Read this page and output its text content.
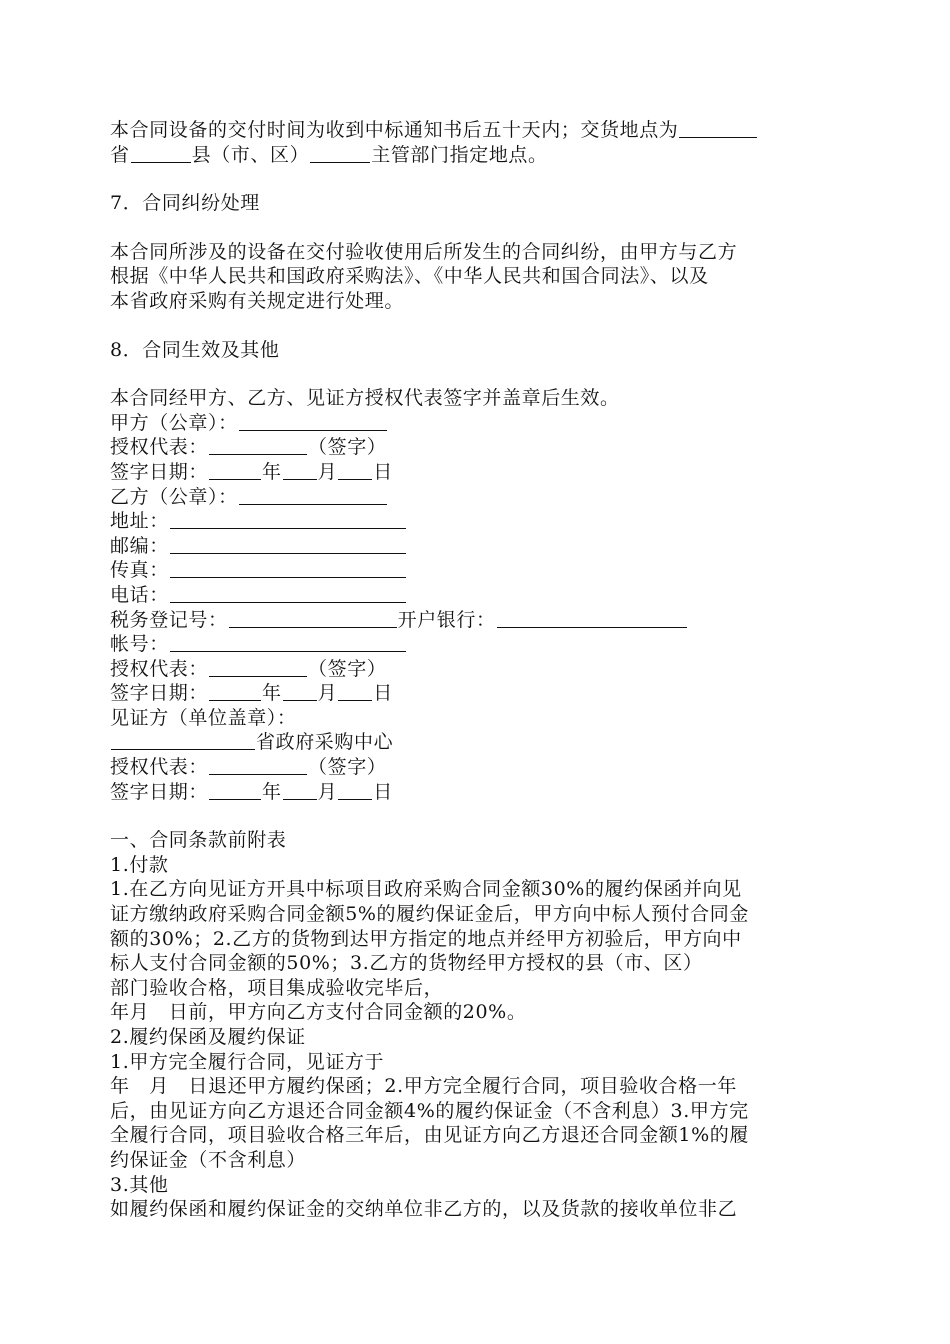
本合同设备的交付时间为收到中标通知书后五十天内；交货地点为
省	县（市、区）	主管部门指定地点。
7．合同纠纷处理
本合同所涉及的设备在交付验收使用后所发生的合同纠纷，由甲方与乙方
根据《中华人民共和国政府采购法》、《中华人民共和国合同法》、以及
本省政府采购有关规定进行处理。
8．合同生效及其他
本合同经甲方、乙方、见证方授权代表签字并盖章后生效。
甲方（公章）：
授权代表：	（签字）
签字日期：	年 月 日
乙方（公章）：
地址：
邮编：
传真：
电话：
税务登记号：	开户银行：
帐号：
授权代表：	（签字）
签字日期：	年 月 日
见证方（单位盖章）：
省政府采购中心
授权代表：	（签字）
签字日期：	年 月 日
一、合同条款前附表
1.付款
1.在乙方向见证方开具中标项目政府采购合同金额30%的履约保函并向见
证方缴纳政府采购合同金额5%的履约保证金后，甲方向中标人预付合同金
额的30%；2.乙方的货物到达甲方指定的地点并经甲方初验后，甲方向中
标人支付合同金额的50%；3.乙方的货物经甲方授权的县（市、区）
部门验收合格，项目集成验收完毕后，
年月　日前，甲方向乙方支付合同金额的20%。
2.履约保函及履约保证
1.甲方完全履行合同，见证方于
年　月　日退还甲方履约保函；2.甲方完全履行合同，项目验收合格一年
后，由见证方向乙方退还合同金额4%的履约保证金（不含利息）3.甲方完
全履行合同，项目验收合格三年后，由见证方向乙方退还合同金额1%的履
约保证金（不含利息）
3.其他
如履约保函和履约保证金的交纳单位非乙方的，以及货款的接收单位非乙
